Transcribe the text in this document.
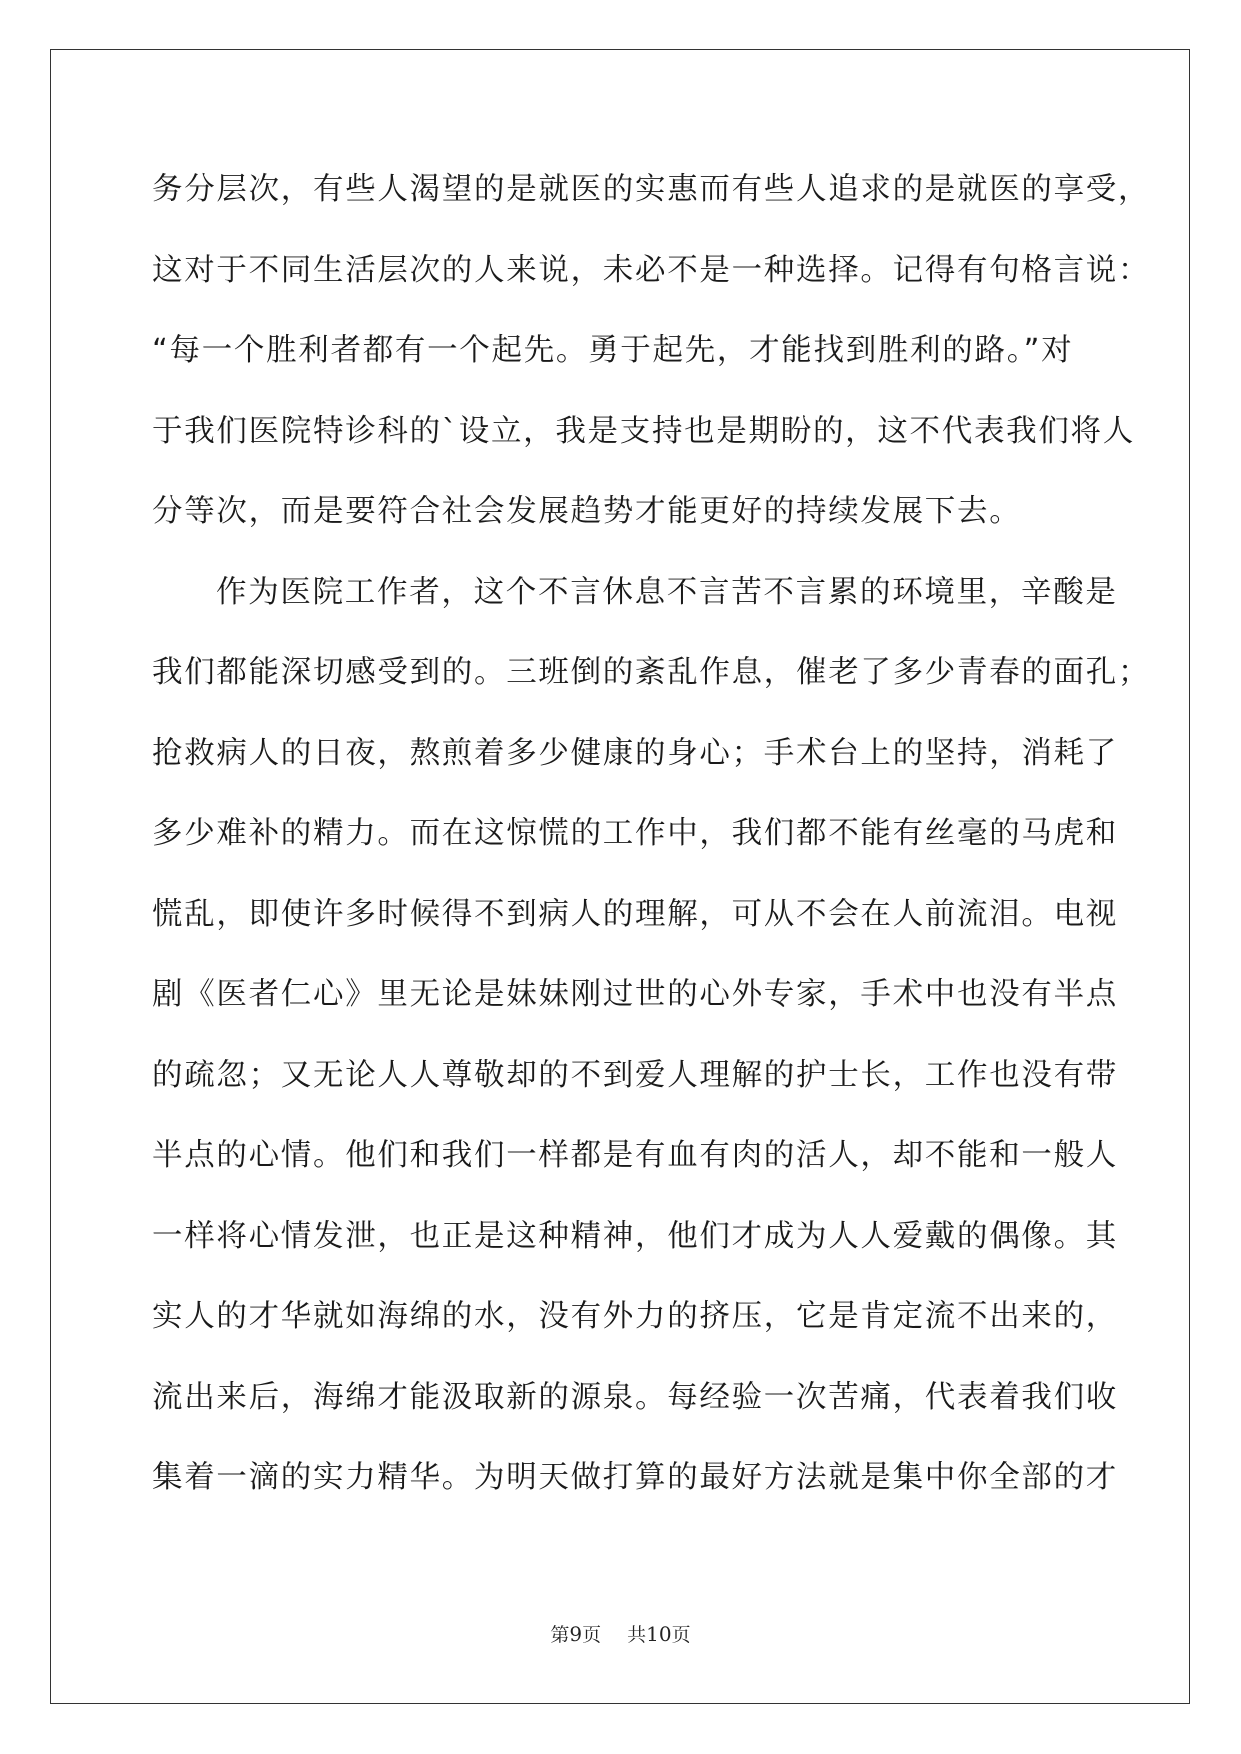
务分层次，有些人渴望的是就医的实惠而有些人追求的是就医的享受，
这对于不同生活层次的人来说，未必不是一种选择。记得有句格言说：
“每一个胜利者都有一个起先。勇于起先，才能找到胜利的路。”对
于我们医院特诊科的`设立，我是支持也是期盼的，这不代表我们将人
分等次，而是要符合社会发展趋势才能更好的持续发展下去。
作为医院工作者，这个不言休息不言苦不言累的环境里，辛酸是
我们都能深切感受到的。三班倒的紊乱作息，催老了多少青春的面孔；
抢救病人的日夜，熬煎着多少健康的身心；手术台上的坚持，消耗了
多少难补的精力。而在这惊慌的工作中，我们都不能有丝毫的马虎和
慌乱，即使许多时候得不到病人的理解，可从不会在人前流泪。电视
剧《医者仁心》里无论是妹妹刚过世的心外专家，手术中也没有半点
的疏忽；又无论人人尊敬却的不到爱人理解的护士长，工作也没有带
半点的心情。他们和我们一样都是有血有肉的活人，却不能和一般人
一样将心情发泄，也正是这种精神，他们才成为人人爱戴的偶像。其
实人的才华就如海绵的水，没有外力的挤压，它是肯定流不出来的，
流出来后，海绵才能汲取新的源泉。每经验一次苦痛，代表着我们收
集着一滴的实力精华。为明天做打算的最好方法就是集中你全部的才
第9页 共10页
